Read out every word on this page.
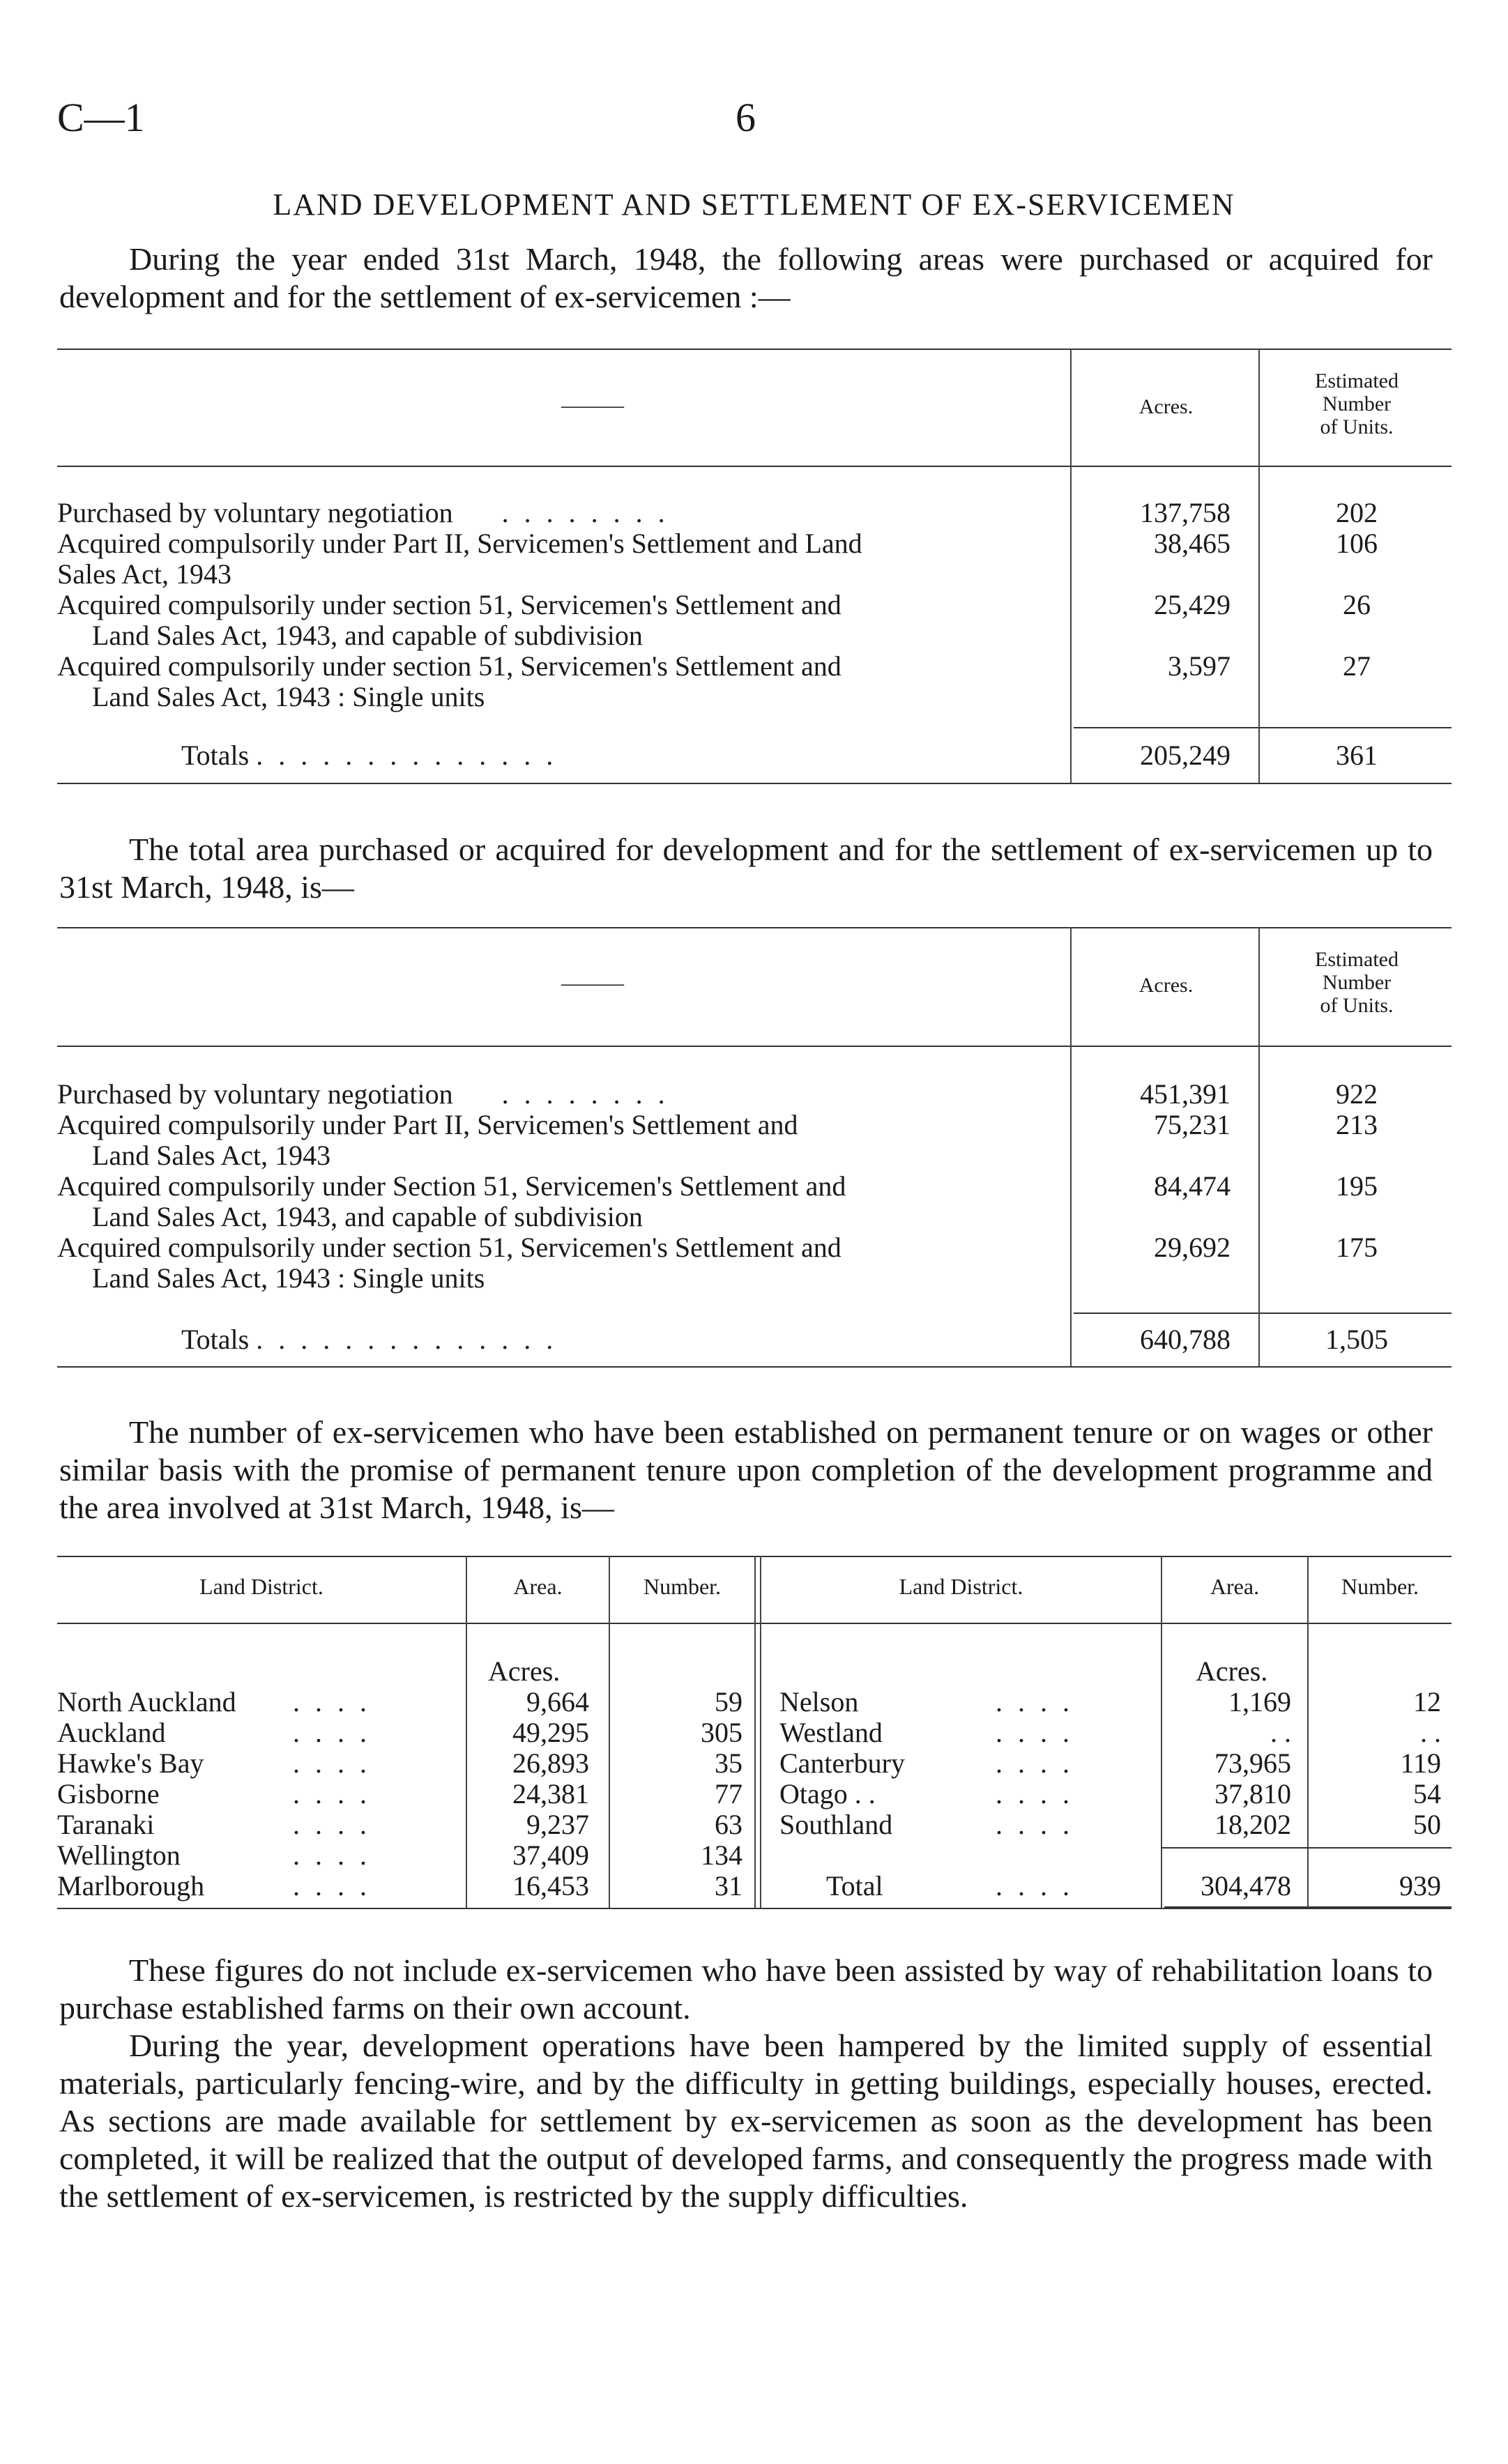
C—1	6
LAND DEVELOPMENT AND SETTLEMENT OF EX-SERVICEMEN

During the year ended 31st March, 1948, the following areas were purchased or acquired for development and for the settlement of ex-servicemen :—

———	Acres.
Estimated
Number
of Units.
Purchased by voluntary negotiation . . . . . . . .	137,758	202
Acquired compulsorily under Part II, Servicemen's Settlement and Land
Sales Act, 1943
38,465	106
Acquired compulsorily under section 51, Servicemen's Settlement and
Land Sales Act, 1943, and capable of subdivision
25,429	26
Acquired compulsorily under section 51, Servicemen's Settlement and
Land Sales Act, 1943 : Single units
3,597	27
Totals . . . . . . . . . . . . . .	205,249	361

The total area purchased or acquired for development and for the settlement of ex-servicemen up to 31st March, 1948, is—

———	Acres.
Estimated
Number
of Units.
Purchased by voluntary negotiation . . . . . . . .	451,391	922
Acquired compulsorily under Part II, Servicemen's Settlement and
Land Sales Act, 1943
75,231	213
Acquired compulsorily under Section 51, Servicemen's Settlement and
Land Sales Act, 1943, and capable of subdivision
84,474	195
Acquired compulsorily under section 51, Servicemen's Settlement and
Land Sales Act, 1943 : Single units
29,692	175
Totals . . . . . . . . . . . . . .	640,788	1,505

The number of ex-servicemen who have been established on permanent tenure or on wages or other similar basis with the promise of permanent tenure upon completion of the development programme and the area involved at 31st March, 1948, is—

Land District.	Area.	Number.	Land District.	Area.	Number.
Acres.	Acres.
North Auckland . . . .	9,664	59
Auckland	. . . .	49,295	305
Hawke's Bay	. . . .	26,893	35
Gisborne	. . . .	24,381	77
Taranaki	. . . .	9,237	63
Wellington	. . . .	37,409	134
Marlborough	. . . .	16,453	31
Nelson	. . . .	1,169	12
Westland	. . . .	. .	. .
Canterbury	. . . .	73,965	119
Otago . .	. . . .	37,810	54
Southland	. . . .	18,202	50
Total	. . . .	304,478	939

These figures do not include ex-servicemen who have been assisted by way of rehabilitation loans to purchase established farms on their own account.

During the year, development operations have been hampered by the limited supply of essential materials, particularly fencing-wire, and by the difficulty in getting buildings, especially houses, erected. As sections are made available for settlement by ex-servicemen as soon as the development has been completed, it will be realized that the output of developed farms, and consequently the progress made with the settlement of ex-servicemen, is restricted by the supply difficulties.
